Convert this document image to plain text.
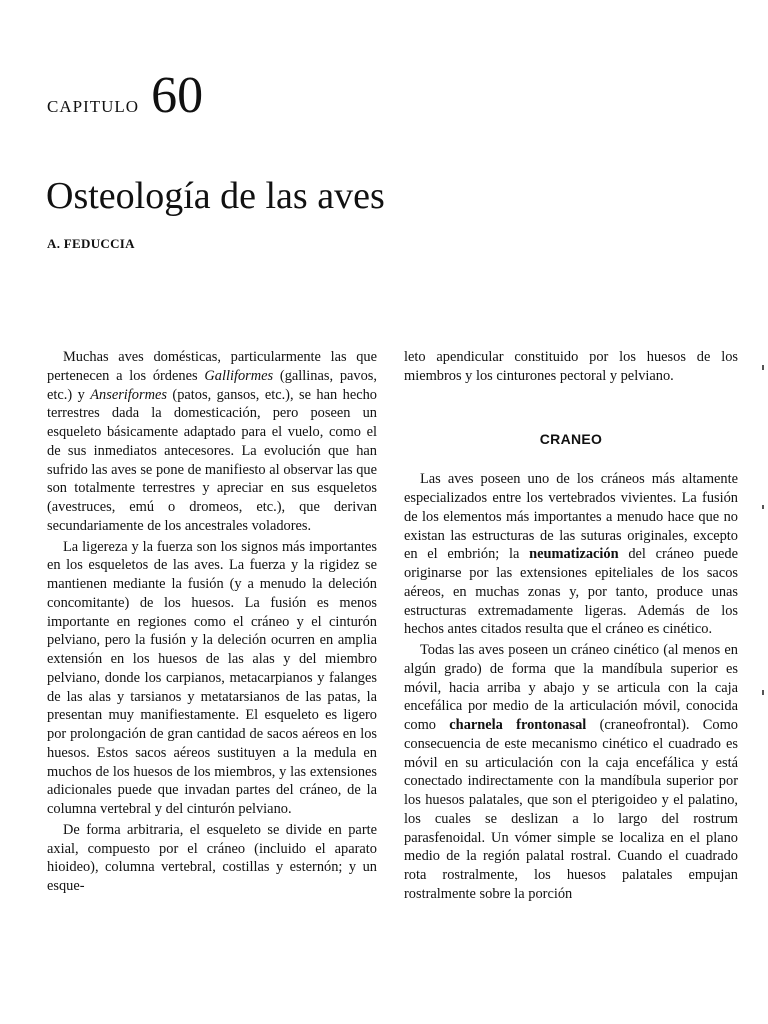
CAPITULO 60
Osteología de las aves
A. FEDUCCIA

Muchas aves domésticas, particularmente las que pertenecen a los órdenes Galliformes (gallinas, pavos, etc.) y Anseriformes (patos, gansos, etc.), se han hecho terrestres dada la domesticación, pero poseen un esqueleto básicamente adaptado para el vuelo, como el de sus inmediatos antecesores. La evolución que han sufrido las aves se pone de manifiesto al observar las que son totalmente terrestres y apreciar en sus esqueletos (avestruces, emú o dromeos, etc.), que derivan secundariamente de los ancestrales voladores.

La ligereza y la fuerza son los signos más importantes en los esqueletos de las aves. La fuerza y la rigidez se mantienen mediante la fusión (y a menudo la deleción concomitante) de los huesos. La fusión es menos importante en regiones como el cráneo y el cinturón pelviano, pero la fusión y la deleción ocurren en amplia extensión en los huesos de las alas y del miembro pelviano, donde los carpianos, metacarpianos y falanges de las alas y tarsianos y metatarsianos de las patas, la presentan muy manifiestamente. El esqueleto es ligero por prolongación de gran cantidad de sacos aéreos en los huesos. Estos sacos aéreos sustituyen a la medula en muchos de los huesos de los miembros, y las extensiones adicionales puede que invadan partes del cráneo, de la columna vertebral y del cinturón pelviano.

De forma arbitraria, el esqueleto se divide en parte axial, compuesto por el cráneo (incluido el aparato hioideo), columna vertebral, costillas y esternón; y un esque-

leto apendicular constituido por los huesos de los miembros y los cinturones pectoral y pelviano.

CRANEO

Las aves poseen uno de los cráneos más altamente especializados entre los vertebrados vivientes. La fusión de los elementos más importantes a menudo hace que no existan las estructuras de las suturas originales, excepto en el embrión; la neumatización del cráneo puede originarse por las extensiones epiteliales de los sacos aéreos, en muchas zonas y, por tanto, produce unas estructuras extremadamente ligeras. Además de los hechos antes citados resulta que el cráneo es cinético.

Todas las aves poseen un cráneo cinético (al menos en algún grado) de forma que la mandíbula superior es móvil, hacia arriba y abajo y se articula con la caja encefálica por medio de la articulación móvil, conocida como charnela frontonasal (craneofrontal). Como consecuencia de este mecanismo cinético el cuadrado es móvil en su articulación con la caja encefálica y está conectado indirectamente con la mandíbula superior por los huesos palatales, que son el pterigoideo y el palatino, los cuales se deslizan a lo largo del rostrum parasfenoidal. Un vómer simple se localiza en el plano medio de la región palatal rostral. Cuando el cuadrado rota rostralmente, los huesos palatales empujan rostralmente sobre la porción
